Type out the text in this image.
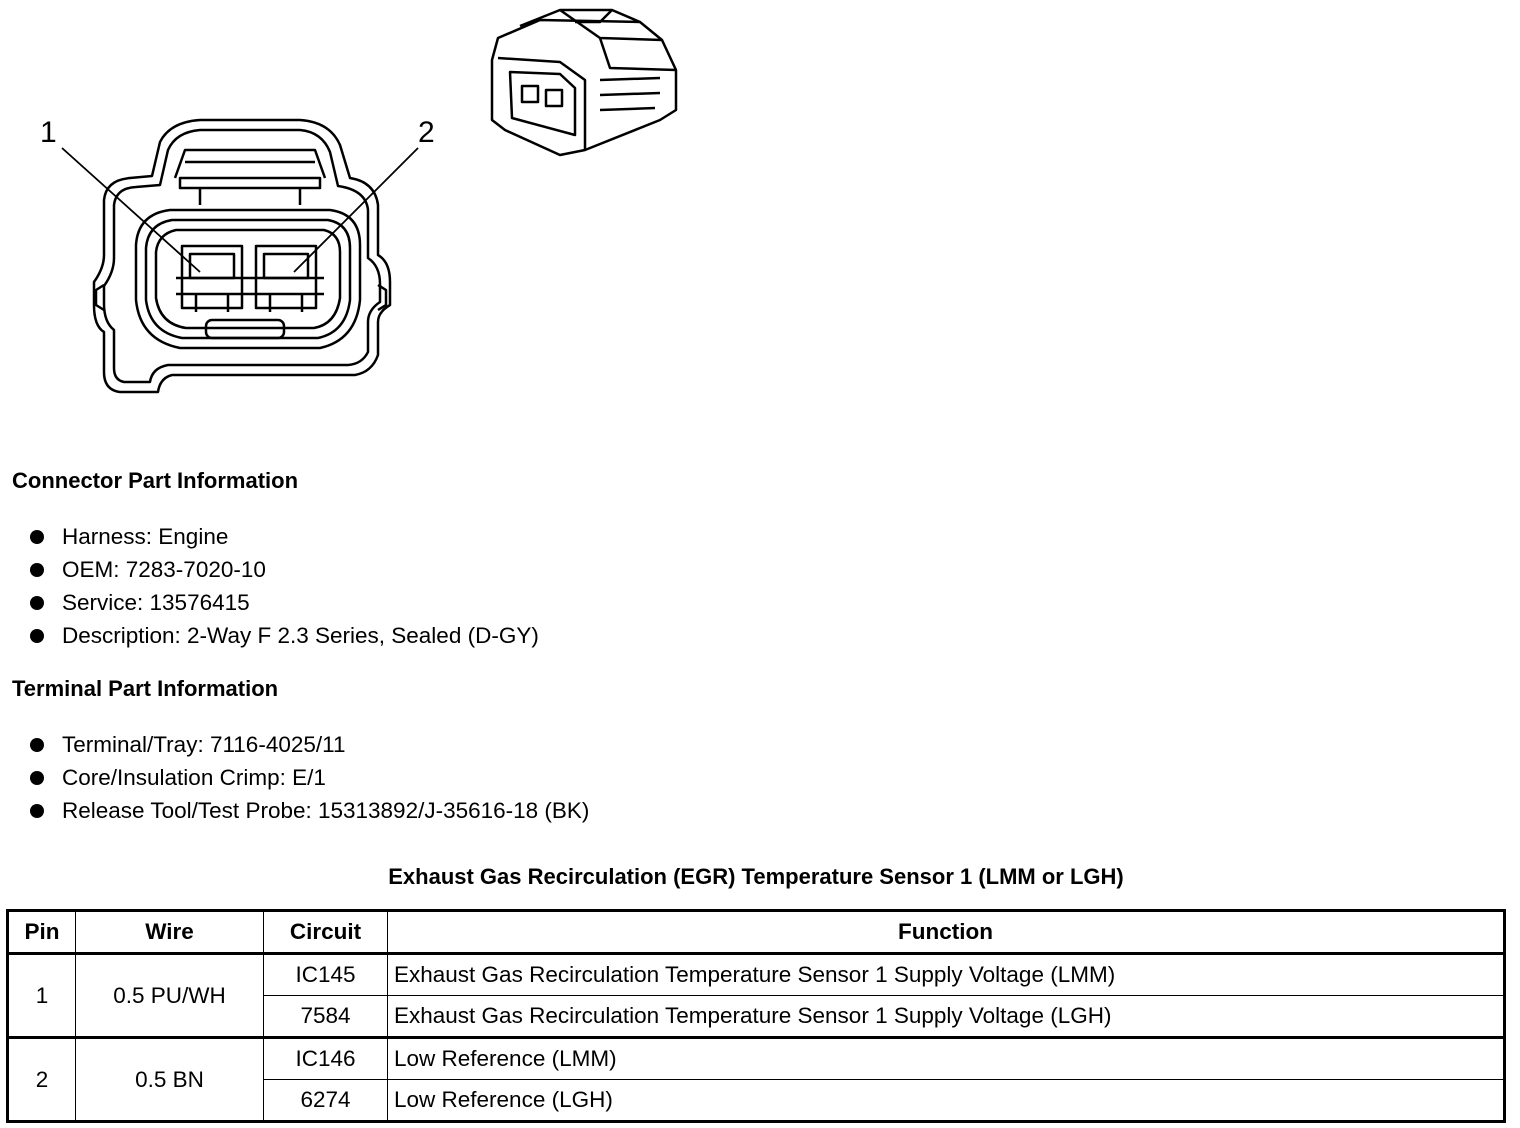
1	2
Connector Part Information
Harness: Engine
OEM: 7283-7020-10
Service: 13576415
Description: 2-Way F 2.3 Series, Sealed (D-GY)
Terminal Part Information
Terminal/Tray: 7116-4025/11
Core/Insulation Crimp: E/1
Release Tool/Test Probe: 15313892/J-35616-18 (BK)
Exhaust Gas Recirculation (EGR) Temperature Sensor 1 (LMM or LGH)
Pin	Wire	Circuit	Function
1	0.5 PU/WH	IC145	Exhaust Gas Recirculation Temperature Sensor 1 Supply Voltage (LMM)
		7584	Exhaust Gas Recirculation Temperature Sensor 1 Supply Voltage (LGH)
2	0.5 BN	IC146	Low Reference (LMM)
		6274	Low Reference (LGH)
